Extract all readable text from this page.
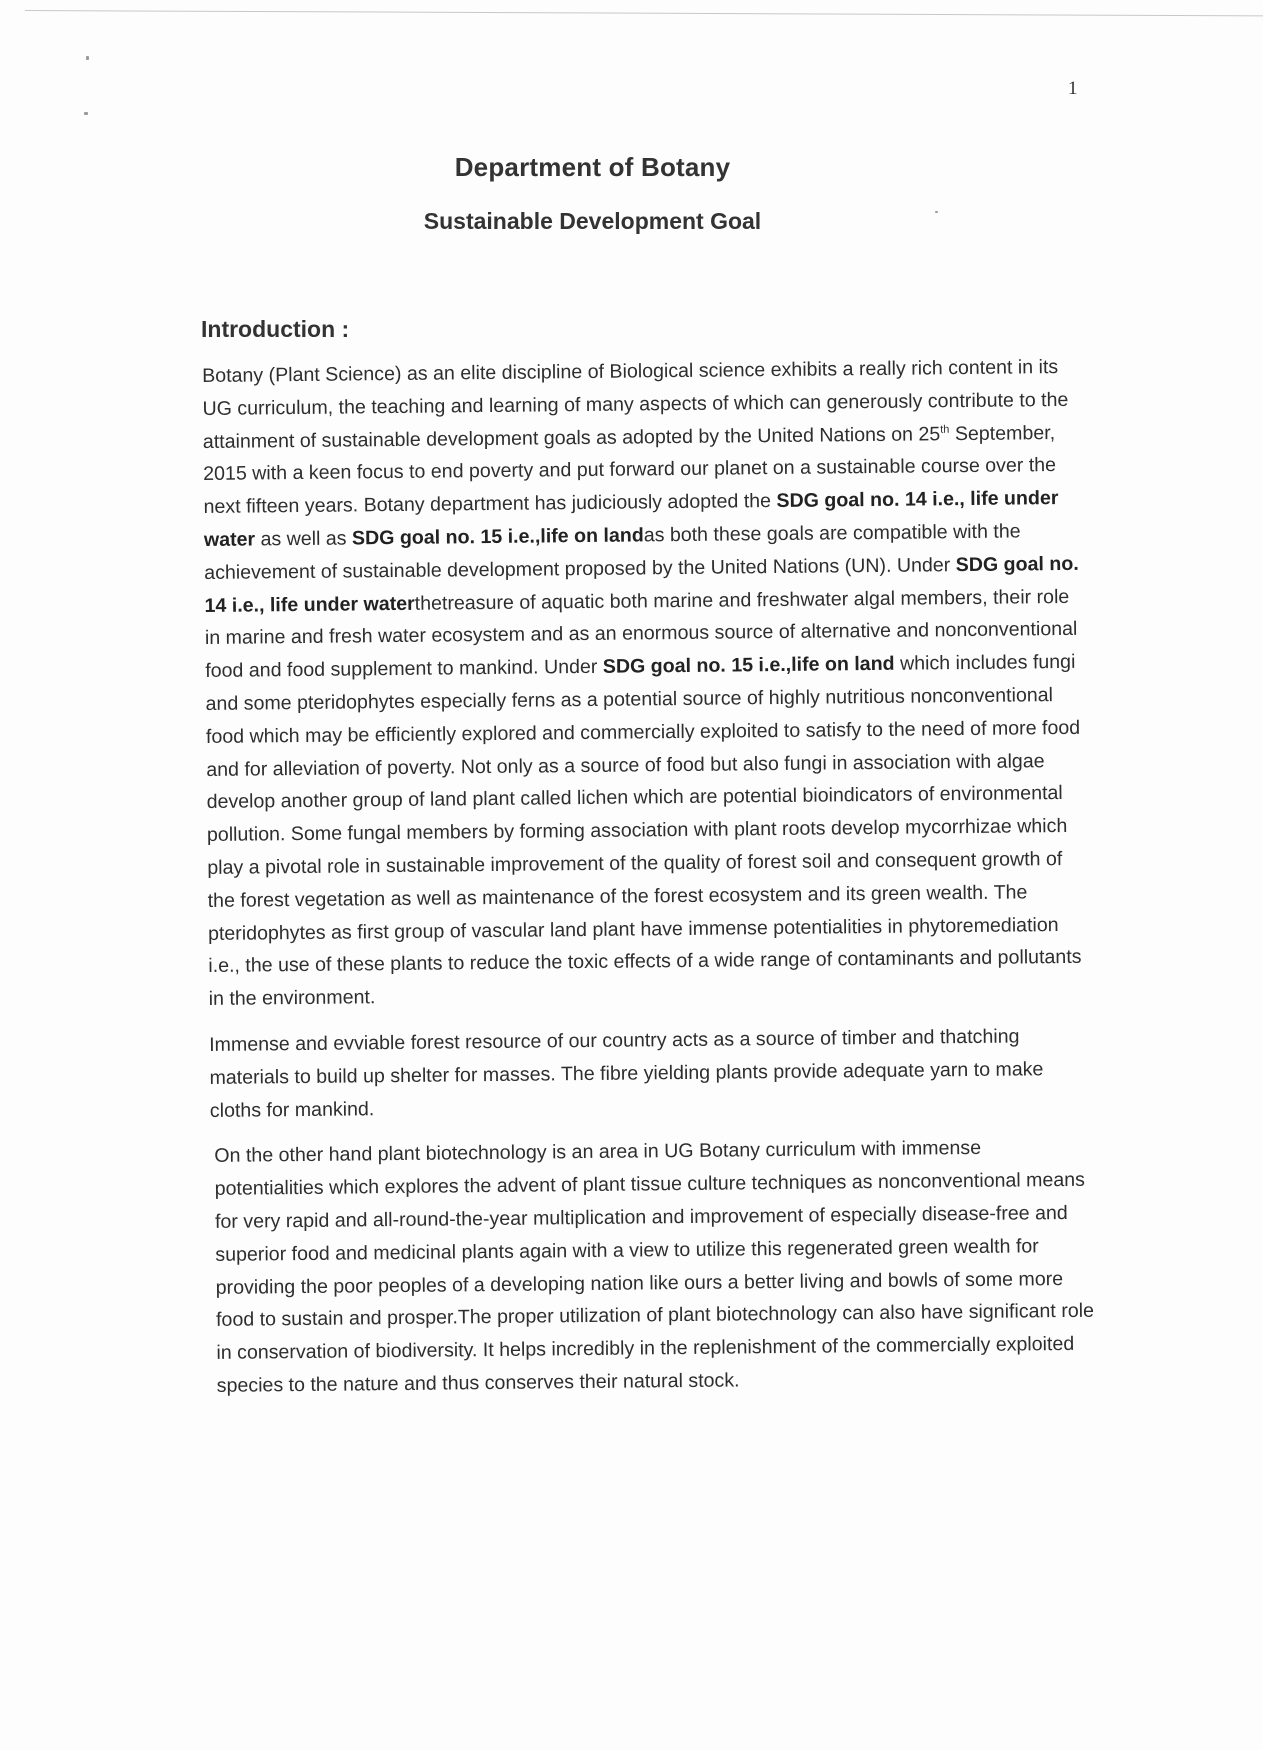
1
Department of Botany
Sustainable Development Goal
Introduction :

Botany (Plant Science) as an elite discipline of Biological science exhibits a really rich content in its UG curriculum, the teaching and learning of many aspects of which can generously contribute to the attainment of sustainable development goals as adopted by the United Nations on 25th September, 2015 with a keen focus to end poverty and put forward our planet on a sustainable course over the next fifteen years. Botany department has judiciously adopted the SDG goal no. 14 i.e., life under water as well as SDG goal no. 15 i.e.,life on landas both these goals are compatible with the achievement of sustainable development proposed by the United Nations (UN). Under SDG goal no. 14 i.e., life under waterthetreasure of aquatic both marine and freshwater algal members, their role in marine and fresh water ecosystem and as an enormous source of alternative and nonconventional food and food supplement to mankind. Under SDG goal no. 15 i.e.,life on land which includes fungi and some pteridophytes especially ferns as a potential source of highly nutritious nonconventional food which may be efficiently explored and commercially exploited to satisfy to the need of more food and for alleviation of poverty. Not only as a source of food but also fungi in association with algae develop another group of land plant called lichen which are potential bioindicators of environmental pollution. Some fungal members by forming association with plant roots develop mycorrhizae which play a pivotal role in sustainable improvement of the quality of forest soil and consequent growth of the forest vegetation as well as maintenance of the forest ecosystem and its green wealth. The pteridophytes as first group of vascular land plant have immense potentialities in phytoremediation i.e., the use of these plants to reduce the toxic effects of a wide range of contaminants and pollutants in the environment.

Immense and evviable forest resource of our country acts as a source of timber and thatching materials to build up shelter for masses. The fibre yielding plants provide adequate yarn to make cloths for mankind.

On the other hand plant biotechnology is an area in UG Botany curriculum with immense potentialities which explores the advent of plant tissue culture techniques as nonconventional means for very rapid and all-round-the-year multiplication and improvement of especially disease-free and superior food and medicinal plants again with a view to utilize this regenerated green wealth for providing the poor peoples of a developing nation like ours a better living and bowls of some more food to sustain and prosper.The proper utilization of plant biotechnology can also have significant role in conservation of biodiversity. It helps incredibly in the replenishment of the commercially exploited species to the nature and thus conserves their natural stock.
